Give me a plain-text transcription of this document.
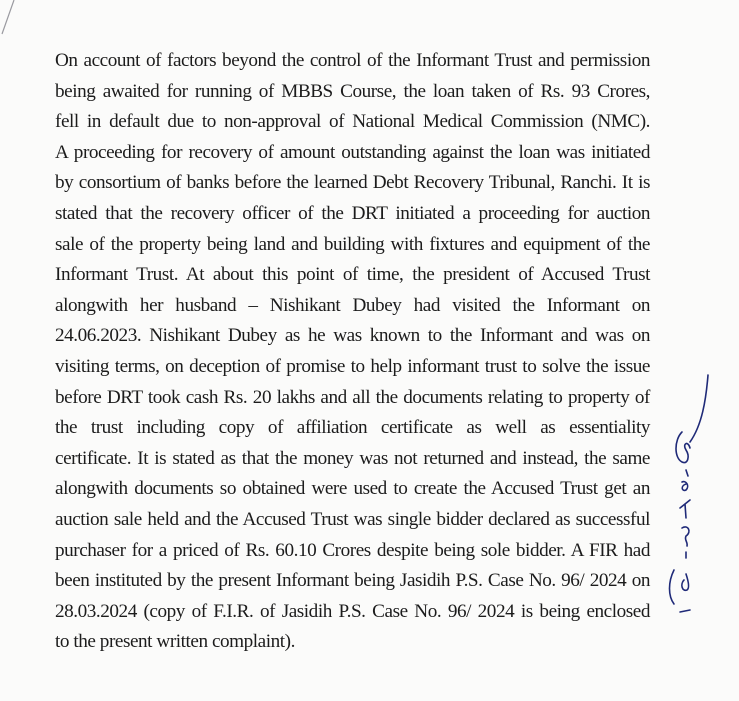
On account of factors beyond the control of the Informant Trust and permission
being awaited for running of MBBS Course, the loan taken of Rs. 93 Crores,
fell in default due to non-approval of National Medical Commission (NMC).
A proceeding for recovery of amount outstanding against the loan was initiated
by consortium of banks before the learned Debt Recovery Tribunal, Ranchi. It is
stated that the recovery officer of the DRT initiated a proceeding for auction
sale of the property being land and building with fixtures and equipment of the
Informant Trust. At about this point of time, the president of Accused Trust
alongwith her husband – Nishikant Dubey had visited the Informant on
24.06.2023. Nishikant Dubey as he was known to the Informant and was on
visiting terms, on deception of promise to help informant trust to solve the issue
before DRT took cash Rs. 20 lakhs and all the documents relating to property of
the trust including copy of affiliation certificate as well as essentiality
certificate. It is stated as that the money was not returned and instead, the same
alongwith documents so obtained were used to create the Accused Trust get an
auction sale held and the Accused Trust was single bidder declared as successful
purchaser for a priced of Rs. 60.10 Crores despite being sole bidder. A FIR had
been instituted by the present Informant being Jasidih P.S. Case No. 96/ 2024 on
28.03.2024 (copy of F.I.R. of Jasidih P.S. Case No. 96/ 2024 is being enclosed
to the present written complaint).
